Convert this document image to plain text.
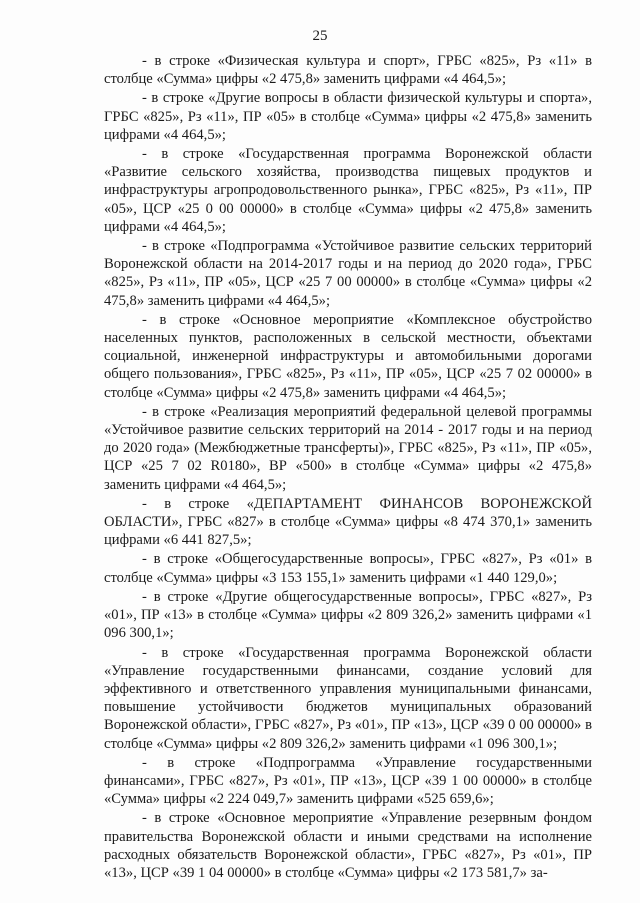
25

- в строке «Физическая культура и спорт», ГРБС «825», Рз «11» в столбце «Сумма» цифры «2 475,8» заменить цифрами «4 464,5»;

- в строке «Другие вопросы в области физической культуры и спорта», ГРБС «825», Рз «11», ПР «05» в столбце «Сумма» цифры «2 475,8» заменить цифрами «4 464,5»;

- в строке «Государственная программа Воронежской области «Развитие сельского хозяйства, производства пищевых продуктов и инфраструктуры агропродовольственного рынка», ГРБС «825», Рз «11», ПР «05», ЦСР «25 0 00 00000» в столбце «Сумма» цифры «2 475,8» заменить цифрами «4 464,5»;

- в строке «Подпрограмма «Устойчивое развитие сельских территорий Воронежской области на 2014-2017 годы и на период до 2020 года», ГРБС «825», Рз «11», ПР «05», ЦСР «25 7 00 00000» в столбце «Сумма» цифры «2 475,8» заменить цифрами «4 464,5»;

- в строке «Основное мероприятие «Комплексное обустройство населенных пунктов, расположенных в сельской местности, объектами социальной, инженерной инфраструктуры и автомобильными дорогами общего пользования», ГРБС «825», Рз «11», ПР «05», ЦСР «25 7 02 00000» в столбце «Сумма» цифры «2 475,8» заменить цифрами «4 464,5»;

- в строке «Реализация мероприятий федеральной целевой программы «Устойчивое развитие сельских территорий на 2014 - 2017 годы и на период до 2020 года» (Межбюджетные трансферты)», ГРБС «825», Рз «11», ПР «05», ЦСР «25 7 02 R0180», ВР «500» в столбце «Сумма» цифры «2 475,8» заменить цифрами «4 464,5»;

- в строке «ДЕПАРТАМЕНТ ФИНАНСОВ ВОРОНЕЖСКОЙ ОБЛАСТИ», ГРБС «827» в столбце «Сумма» цифры «8 474 370,1» заменить цифрами «6 441 827,5»;

- в строке «Общегосударственные вопросы», ГРБС «827», Рз «01» в столбце «Сумма» цифры «3 153 155,1» заменить цифрами «1 440 129,0»;

- в строке «Другие общегосударственные вопросы», ГРБС «827», Рз «01», ПР «13» в столбце «Сумма» цифры «2 809 326,2» заменить цифрами «1 096 300,1»;

- в строке «Государственная программа Воронежской области «Управление государственными финансами, создание условий для эффективного и ответственного управления муниципальными финансами, повышение устойчивости бюджетов муниципальных образований Воронежской области», ГРБС «827», Рз «01», ПР «13», ЦСР «39 0 00 00000» в столбце «Сумма» цифры «2 809 326,2» заменить цифрами «1 096 300,1»;

- в строке «Подпрограмма «Управление государственными финансами», ГРБС «827», Рз «01», ПР «13», ЦСР «39 1 00 00000» в столбце «Сумма» цифры «2 224 049,7» заменить цифрами «525 659,6»;

- в строке «Основное мероприятие «Управление резервным фондом правительства Воронежской области и иными средствами на исполнение расходных обязательств Воронежской области», ГРБС «827», Рз «01», ПР «13», ЦСР «39 1 04 00000» в столбце «Сумма» цифры «2 173 581,7» за-
